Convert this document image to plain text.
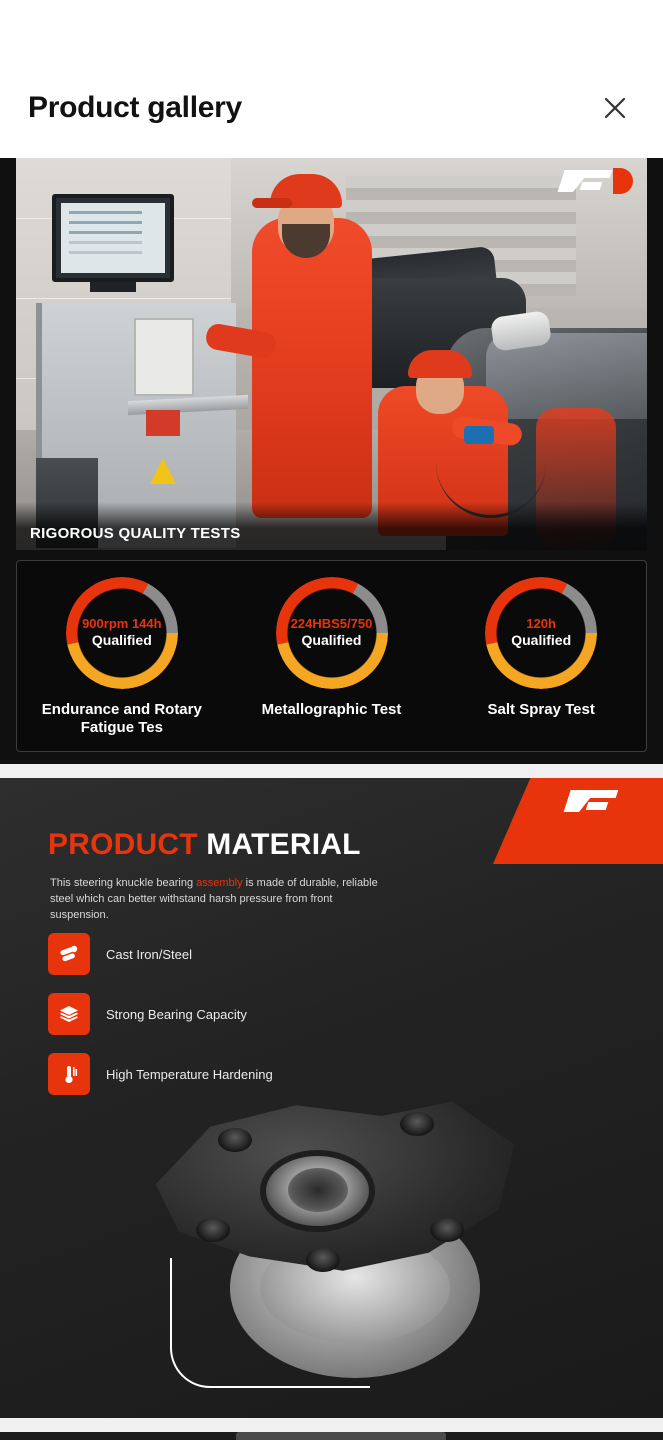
Product gallery
RIGOROUS QUALITY TESTS
900rpm 144h
Qualified
Endurance and Rotary Fatigue Tes
224HBS5/750
Qualified
Metallographic Test
120h
Qualified
Salt Spray Test
PRODUCT MATERIAL
This steering knuckle bearing assembly is made of durable, reliable steel which can better withstand harsh pressure from front suspension.
Cast Iron/Steel
Strong Bearing Capacity
High Temperature Hardening
